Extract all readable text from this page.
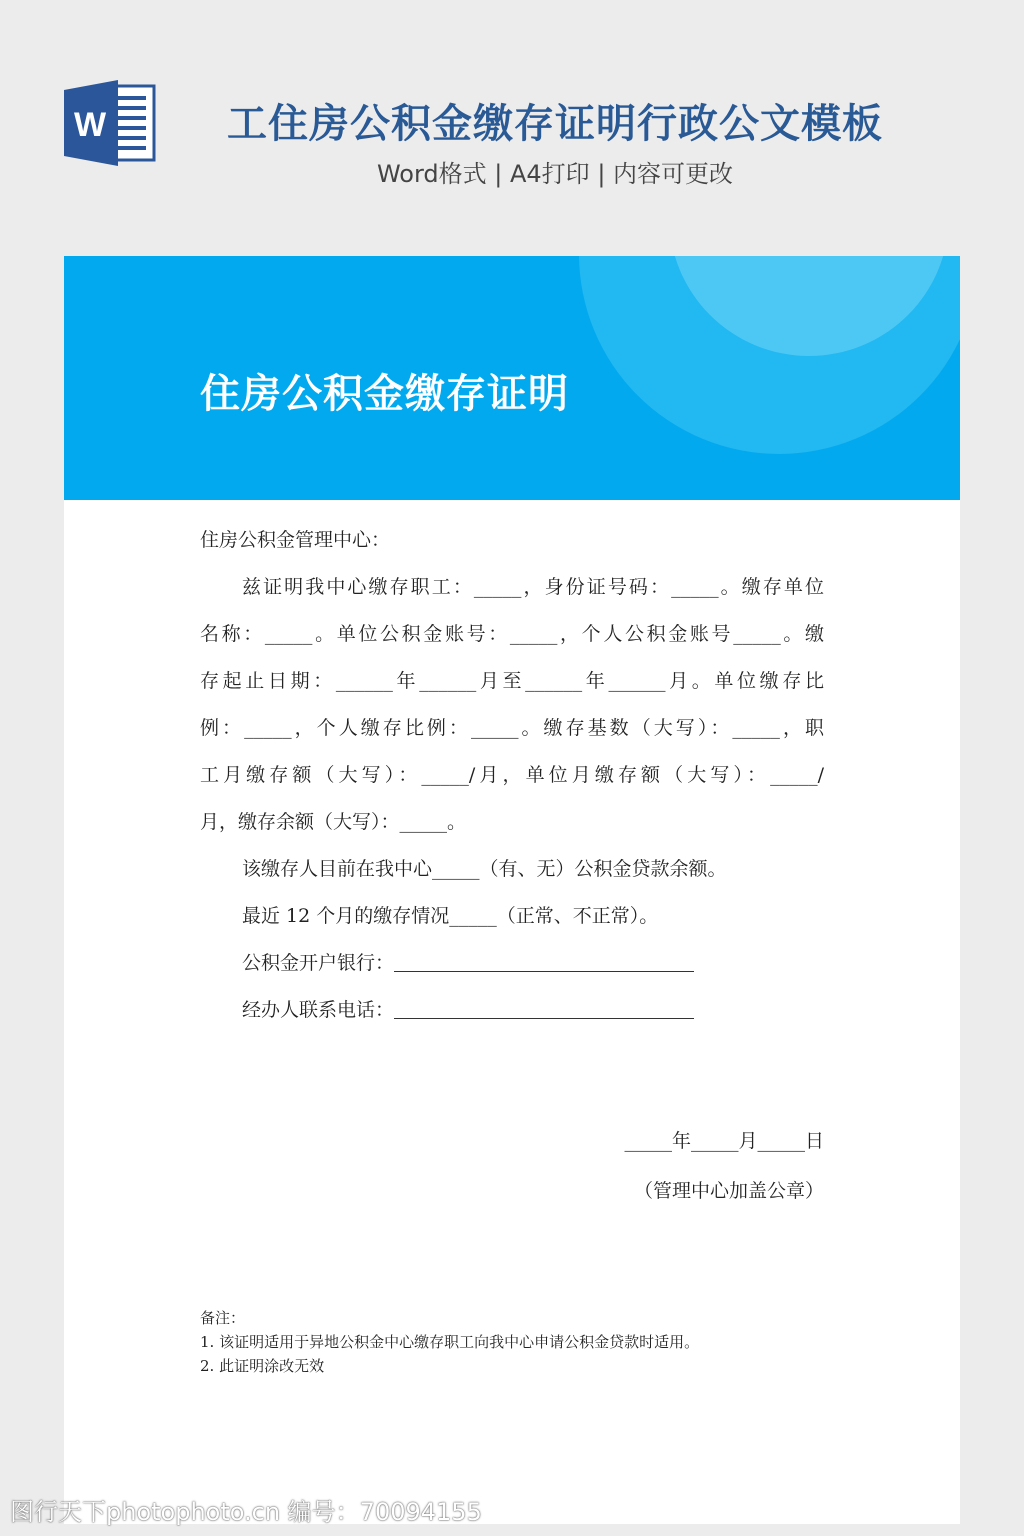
W	工住房公积金缴存证明行政公文模板
Word格式 | A4打印 | 内容可更改
住房公积金缴存证明
住房公积金管理中心：
兹证明我中心缴存职工：_____，身份证号码：_____。缴存单位
名称：_____。单位公积金账号：_____，个人公积金账号_____。缴
存起止日期：______年______月至______年______月。单位缴存比
例：_____，个人缴存比例：_____。缴存基数（大写）：_____，职
工月缴存额（大写）：_____/月，单位月缴存额（大写）：_____/
月，缴存余额（大写）：_____。
该缴存人目前在我中心_____（有、无）公积金贷款余额。
最近 12 个月的缴存情况_____（正常、不正常）。
公积金开户银行：
经办人联系电话：
_____年_____月_____日
（管理中心加盖公章）
备注：
1. 该证明适用于异地公积金中心缴存职工向我中心申请公积金贷款时适用。
2. 此证明涂改无效
图行天下photophoto.cn 编号：70094155
